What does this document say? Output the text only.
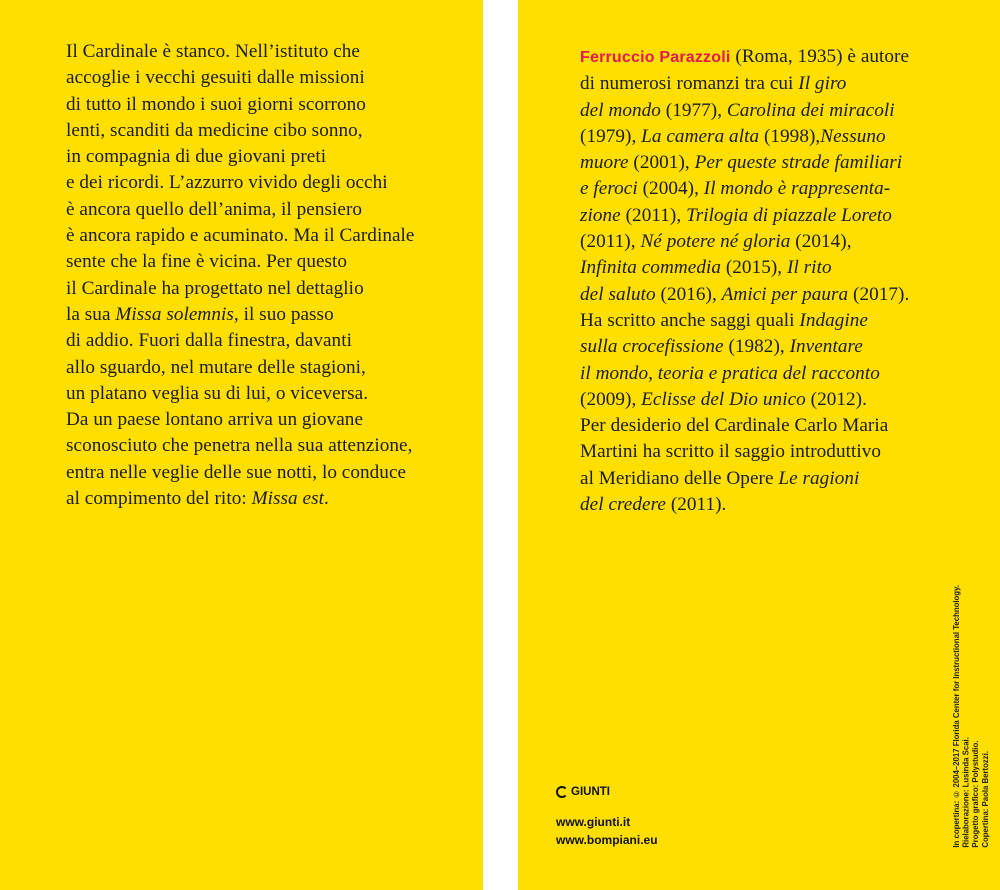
Il Cardinale è stanco. Nell’istituto che
accoglie i vecchi gesuiti dalle missioni
di tutto il mondo i suoi giorni scorrono
lenti, scanditi da medicine cibo sonno,
in compagnia di due giovani preti
e dei ricordi. L’azzurro vivido degli occhi
è ancora quello dell’anima, il pensiero
è ancora rapido e acuminato. Ma il Cardinale
sente che la fine è vicina. Per questo
il Cardinale ha progettato nel dettaglio
la sua Missa solemnis, il suo passo
di addio. Fuori dalla finestra, davanti
allo sguardo, nel mutare delle stagioni,
un platano veglia su di lui, o viceversa.
Da un paese lontano arriva un giovane
sconosciuto che penetra nella sua attenzione,
entra nelle veglie delle sue notti, lo conduce
al compimento del rito: Missa est.

Ferruccio Parazzoli (Roma, 1935) è autore
di numerosi romanzi tra cui Il giro
del mondo (1977), Carolina dei miracoli
(1979), La camera alta (1998),Nessuno
muore (2001), Per queste strade familiari
e feroci (2004), Il mondo è rappresenta-
zione (2011), Trilogia di piazzale Loreto
(2011), Né potere né gloria (2014),
Infinita commedia (2015), Il rito
del saluto (2016), Amici per paura (2017).
Ha scritto anche saggi quali Indagine
sulla crocefissione (1982), Inventare
il mondo, teoria e pratica del racconto
(2009), Eclisse del Dio unico (2012).
Per desiderio del Cardinale Carlo Maria
Martini ha scritto il saggio introduttivo
al Meridiano delle Opere Le ragioni
del credere (2011).

GIUNTI
www.giunti.it
www.bompiani.eu	In copertina: © 2004–2017 Florida Center for Instructional Technology. Rielaborazione: Lusinda Scai. Progetto grafico: Polystudio. Copertina: Paola Bertozzi.
